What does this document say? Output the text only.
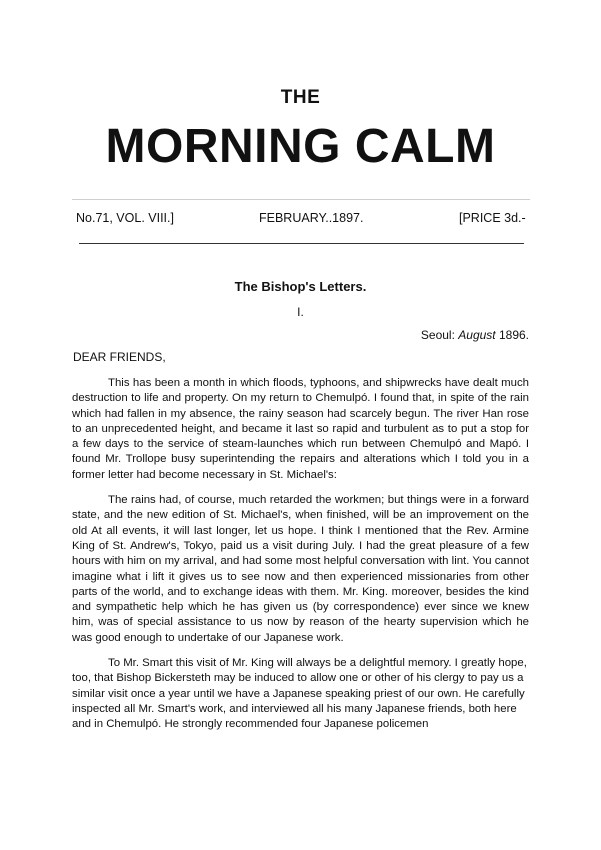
THE
MORNING CALM
No.71, VOL. VIII.]	FEBRUARY..1897.	[PRICE 3d.-
The Bishop's Letters.
I.
Seoul: August 1896.
DEAR FRIENDS,

This has been a month in which floods, typhoons, and shipwrecks have dealt much destruction to life and property. On my return to Chemulpó. I found that, in spite of the rain which had fallen in my absence, the rainy season had scarcely begun. The river Han rose to an unprecedented height, and became it last so rapid and turbulent as to put a stop for a few days to the service of steam-launches which run between Chemulpó and Mapó. I found Mr. Trollope busy superintending the repairs and alterations which I told you in a former letter had become necessary in St. Michael's:

The rains had, of course, much retarded the workmen; but things were in a forward state, and the new edition of St. Michael's, when finished, will be an improvement on the old At all events, it will last longer, let us hope. I think I mentioned that the Rev. Armine King of St. Andrew's, Tokyo, paid us a visit during July. I had the great pleasure of a few hours with him on my arrival, and had some most helpful conversation with lint. You cannot imagine what i lift it gives us to see now and then experienced missionaries from other parts of the world, and to exchange ideas with them. Mr. King. moreover, besides the kind and sympathetic help which he has given us (by correspondence) ever since we knew him, was of special assistance to us now by reason of the hearty supervision which he was good enough to undertake of our Japanese work.

To Mr. Smart this visit of Mr. King will always be a delightful memory. I greatly hope, too, that Bishop Bickersteth may be induced to allow one or other of his clergy to pay us a similar visit once a year until we have a Japanese speaking priest of our own. He carefully inspected all Mr. Smart's work, and interviewed all his many Japanese friends, both here and in Chemulpó. He strongly recommended four Japanese policemen
